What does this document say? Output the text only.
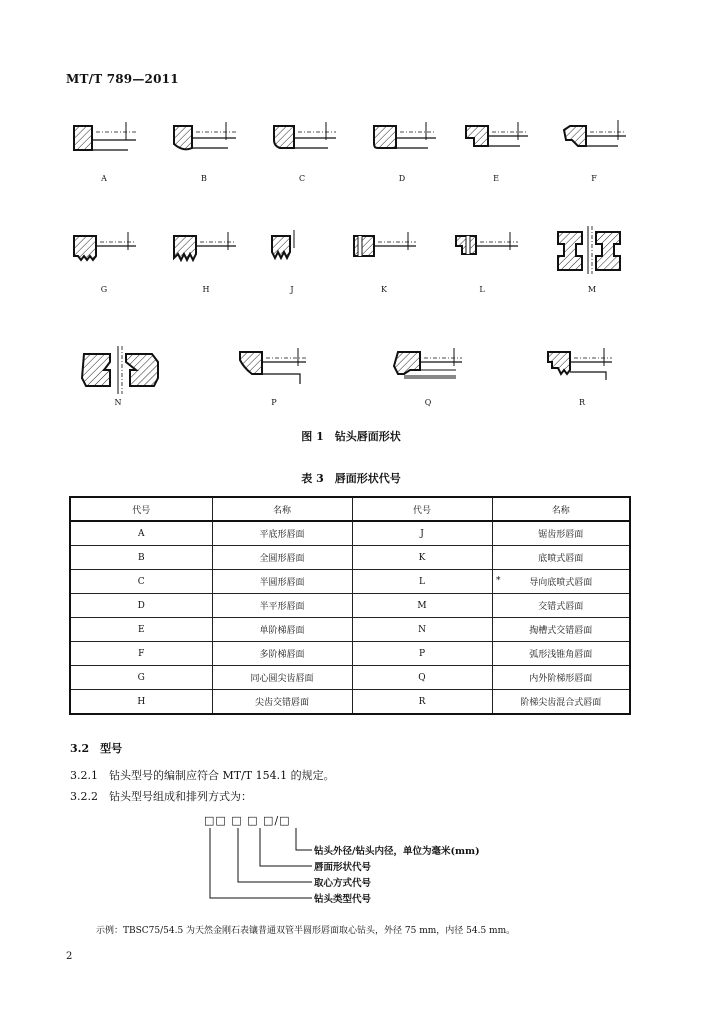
MT/T 789—2011
A	B	C	D	E	F
G	H	J	K	L	M
N	P	Q	R
图 1　钻头唇面形状
表 3　唇面形状代号
代号	名称	代号	名称
A	平底形唇面	J	锯齿形唇面
B	全圆形唇面	K	底喷式唇面
C	半圆形唇面	L	导向底喷式唇面
D	半平形唇面	M	交错式唇面
E	单阶梯唇面	N	掏槽式交错唇面
F	多阶梯唇面	P	弧形浅锥角唇面
G	同心圆尖齿唇面	Q	内外阶梯形唇面
H	尖齿交错唇面	R	阶梯尖齿混合式唇面
*
3.2　型号
3.2.1　钻头型号的编制应符合 MT/T 154.1 的规定。
3.2.2　钻头型号组成和排列方式为：
□□ □ □ □/□
钻头外径/钻头内径，单位为毫米(mm)
唇面形状代号
取心方式代号
钻头类型代号
示例：TBSC75/54.5 为天然金刚石表镶普通双管半圆形唇面取心钻头，外径 75 mm，内径 54.5 mm。
2
